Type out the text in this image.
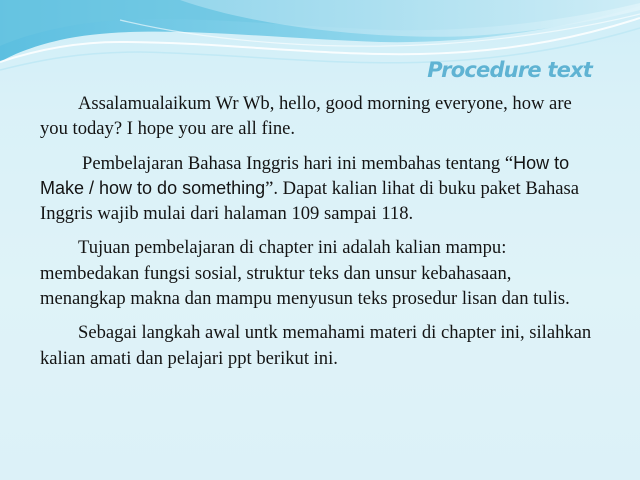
Procedure text

Assalamualaikum Wr Wb, hello, good morning everyone, how are you today? I hope you are all fine.

Pembelajaran Bahasa Inggris hari ini membahas tentang “How to Make / how to do something”. Dapat kalian lihat di buku paket Bahasa Inggris wajib mulai dari halaman 109 sampai 118.

Tujuan pembelajaran di chapter ini adalah kalian mampu: membedakan fungsi sosial, struktur teks dan unsur kebahasaan, menangkap makna dan mampu menyusun teks prosedur lisan dan tulis.

Sebagai langkah awal untk memahami materi di chapter ini, silahkan kalian amati dan pelajari ppt berikut ini.
